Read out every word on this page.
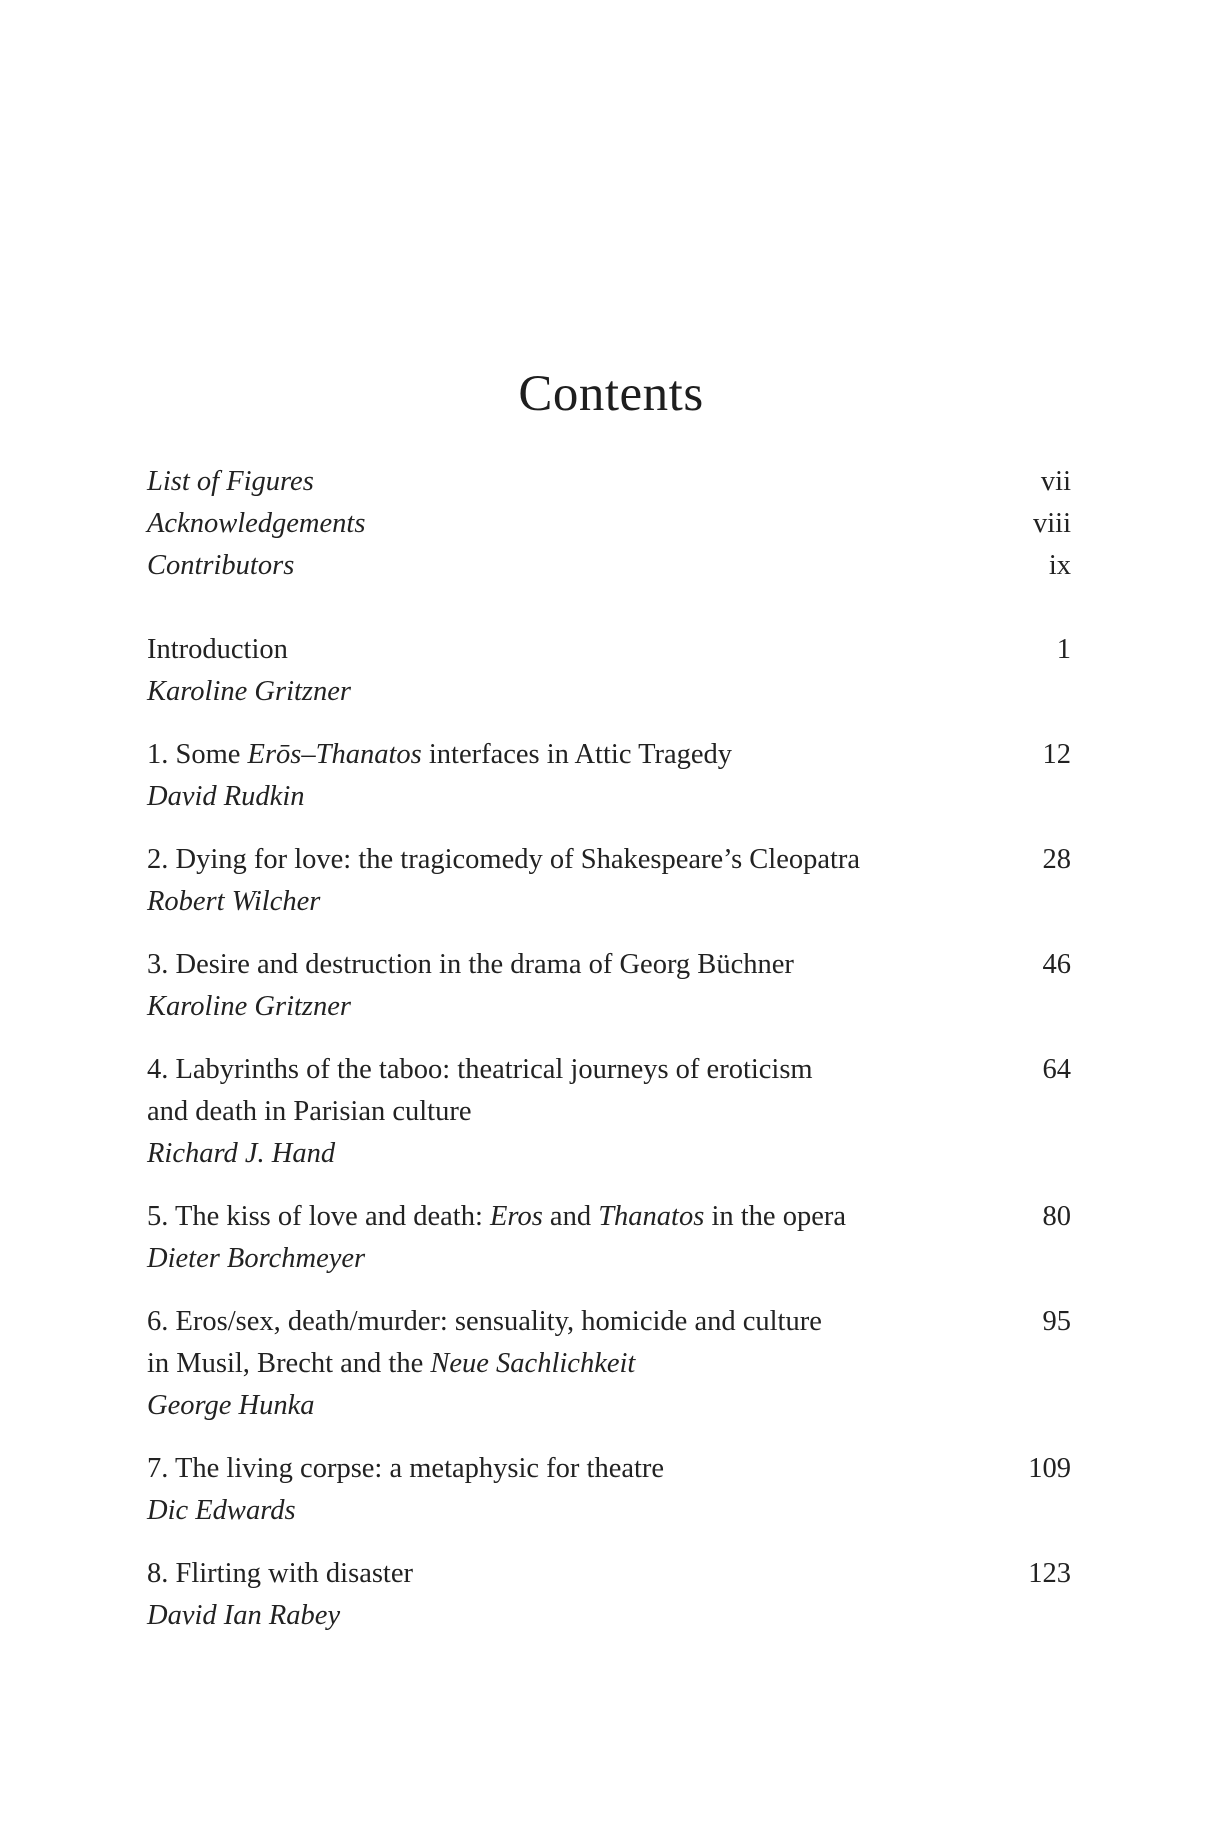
Contents
List of Figures	vii
Acknowledgements	viii
Contributors	ix
Introduction	1
Karoline Gritzner
1. Some Erōs–Thanatos interfaces in Attic Tragedy	12
David Rudkin
2. Dying for love: the tragicomedy of Shakespeare’s Cleopatra	28
Robert Wilcher
3. Desire and destruction in the drama of Georg Büchner	46
Karoline Gritzner
4. Labyrinths of the taboo: theatrical journeys of eroticism	64
and death in Parisian culture
Richard J. Hand
5. The kiss of love and death: Eros and Thanatos in the opera	80
Dieter Borchmeyer
6. Eros/sex, death/murder: sensuality, homicide and culture	95
in Musil, Brecht and the Neue Sachlichkeit
George Hunka
7. The living corpse: a metaphysic for theatre	109
Dic Edwards
8. Flirting with disaster	123
David Ian Rabey
